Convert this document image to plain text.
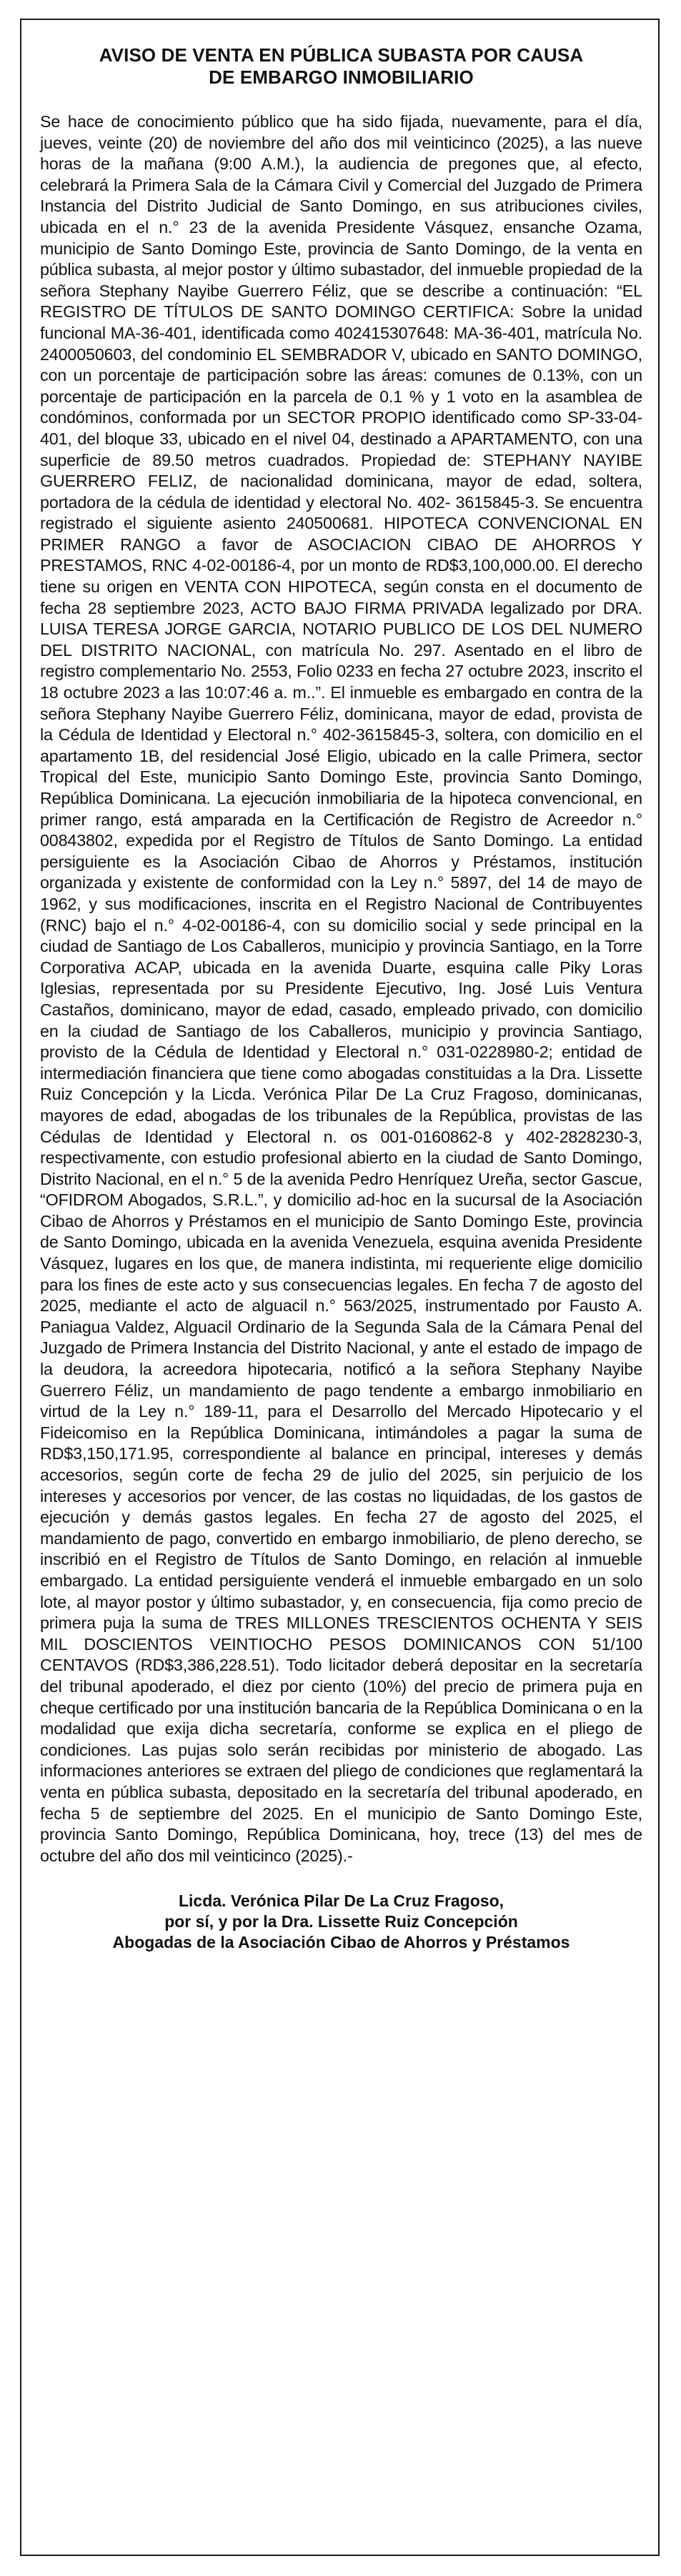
AVISO DE VENTA EN PÚBLICA SUBASTA POR CAUSA
DE EMBARGO INMOBILIARIO

Se hace de conocimiento público que ha sido fijada, nuevamente, para el día, jueves, veinte (20) de noviembre del año dos mil veinticinco (2025), a las nueve horas de la mañana (9:00 A.M.), la audiencia de pregones que, al efecto, celebrará la Primera Sala de la Cámara Civil y Comercial del Juzgado de Primera Instancia del Distrito Judicial de Santo Domingo, en sus atribuciones civiles, ubicada en el n.° 23 de la avenida Presidente Vásquez, ensanche Ozama, municipio de Santo Domingo Este, provincia de Santo Domingo, de la venta en pública subasta, al mejor postor y último subastador, del inmueble propiedad de la señora Stephany Nayibe Guerrero Féliz, que se describe a continuación: “EL REGISTRO DE TÍTULOS DE SANTO DOMINGO CERTIFICA: Sobre la unidad funcional MA-36-401, identificada como 402415307648: MA-36-401, matrícula No. 2400050603, del condominio EL SEMBRADOR V, ubicado en SANTO DOMINGO, con un porcentaje de participación sobre las áreas: comunes de 0.13%, con un porcentaje de participación en la parcela de 0.1 % y 1 voto en la asamblea de condóminos, conformada por un SECTOR PROPIO identificado como SP-33-04-401, del bloque 33, ubicado en el nivel 04, destinado a APARTAMENTO, con una superficie de 89.50 metros cuadrados. Propiedad de: STEPHANY NAYIBE GUERRERO FELIZ, de nacionalidad dominicana, mayor de edad, soltera, portadora de la cédula de identidad y electoral No. 402- 3615845-3. Se encuentra registrado el siguiente asiento 240500681. HIPOTECA CONVENCIONAL EN PRIMER RANGO a favor de ASOCIACION CIBAO DE AHORROS Y PRESTAMOS, RNC 4-02-00186-4, por un monto de RD$3,100,000.00. El derecho tiene su origen en VENTA CON HIPOTECA, según consta en el documento de fecha 28 septiembre 2023, ACTO BAJO FIRMA PRIVADA legalizado por DRA. LUISA TERESA JORGE GARCIA, NOTARIO PUBLICO DE LOS DEL NUMERO DEL DISTRITO NACIONAL, con matrícula No. 297. Asentado en el libro de registro complementario No. 2553, Folio 0233 en fecha 27 octubre 2023, inscrito el 18 octubre 2023 a las 10:07:46 a. m..”. El inmueble es embargado en contra de la señora Stephany Nayibe Guerrero Féliz, dominicana, mayor de edad, provista de la Cédula de Identidad y Electoral n.° 402-3615845-3, soltera, con domicilio en el apartamento 1B, del residencial José Eligio, ubicado en la calle Primera, sector Tropical del Este, municipio Santo Domingo Este, provincia Santo Domingo, República Dominicana. La ejecución inmobiliaria de la hipoteca convencional, en primer rango, está amparada en la Certificación de Registro de Acreedor n.° 00843802, expedida por el Registro de Títulos de Santo Domingo. La entidad persiguiente es la Asociación Cibao de Ahorros y Préstamos, institución organizada y existente de conformidad con la Ley n.° 5897, del 14 de mayo de 1962, y sus modificaciones, inscrita en el Registro Nacional de Contribuyentes (RNC) bajo el n.° 4-02-00186-4, con su domicilio social y sede principal en la ciudad de Santiago de Los Caballeros, municipio y provincia Santiago, en la Torre Corporativa ACAP, ubicada en la avenida Duarte, esquina calle Piky Loras Iglesias, representada por su Presidente Ejecutivo, Ing. José Luis Ventura Castaños, dominicano, mayor de edad, casado, empleado privado, con domicilio en la ciudad de Santiago de los Caballeros, municipio y provincia Santiago, provisto de la Cédula de Identidad y Electoral n.° 031-0228980-2; entidad de intermediación financiera que tiene como abogadas constituidas a la Dra. Lissette Ruiz Concepción y la Licda. Verónica Pilar De La Cruz Fragoso, dominicanas, mayores de edad, abogadas de los tribunales de la República, provistas de las Cédulas de Identidad y Electoral n. os 001-0160862-8 y 402-2828230-3, respectivamente, con estudio profesional abierto en la ciudad de Santo Domingo, Distrito Nacional, en el n.° 5 de la avenida Pedro Henríquez Ureña, sector Gascue, “OFIDROM Abogados, S.R.L.”, y domicilio ad-hoc en la sucursal de la Asociación Cibao de Ahorros y Préstamos en el municipio de Santo Domingo Este, provincia de Santo Domingo, ubicada en la avenida Venezuela, esquina avenida Presidente Vásquez, lugares en los que, de manera indistinta, mi requeriente elige domicilio para los fines de este acto y sus consecuencias legales. En fecha 7 de agosto del 2025, mediante el acto de alguacil n.° 563/2025, instrumentado por Fausto A. Paniagua Valdez, Alguacil Ordinario de la Segunda Sala de la Cámara Penal del Juzgado de Primera Instancia del Distrito Nacional, y ante el estado de impago de la deudora, la acreedora hipotecaria, notificó a la señora Stephany Nayibe Guerrero Féliz, un mandamiento de pago tendente a embargo inmobiliario en virtud de la Ley n.° 189-11, para el Desarrollo del Mercado Hipotecario y el Fideicomiso en la República Dominicana, intimándoles a pagar la suma de RD$3,150,171.95, correspondiente al balance en principal, intereses y demás accesorios, según corte de fecha 29 de julio del 2025, sin perjuicio de los intereses y accesorios por vencer, de las costas no liquidadas, de los gastos de ejecución y demás gastos legales. En fecha 27 de agosto del 2025, el mandamiento de pago, convertido en embargo inmobiliario, de pleno derecho, se inscribió en el Registro de Títulos de Santo Domingo, en relación al inmueble embargado. La entidad persiguiente venderá el inmueble embargado en un solo lote, al mayor postor y último subastador, y, en consecuencia, fija como precio de primera puja la suma de TRES MILLONES TRESCIENTOS OCHENTA Y SEIS MIL DOSCIENTOS VEINTIOCHO PESOS DOMINICANOS CON 51/100 CENTAVOS (RD$3,386,228.51). Todo licitador deberá depositar en la secretaría del tribunal apoderado, el diez por ciento (10%) del precio de primera puja en cheque certificado por una institución bancaria de la República Dominicana o en la modalidad que exija dicha secretaría, conforme se explica en el pliego de condiciones. Las pujas solo serán recibidas por ministerio de abogado. Las informaciones anteriores se extraen del pliego de condiciones que reglamentará la venta en pública subasta, depositado en la secretaría del tribunal apoderado, en fecha 5 de septiembre del 2025. En el municipio de Santo Domingo Este, provincia Santo Domingo, República Dominicana, hoy, trece (13) del mes de octubre del año dos mil veinticinco (2025).-

Licda. Verónica Pilar De La Cruz Fragoso,
por sí, y por la Dra. Lissette Ruiz Concepción
Abogadas de la Asociación Cibao de Ahorros y Préstamos
